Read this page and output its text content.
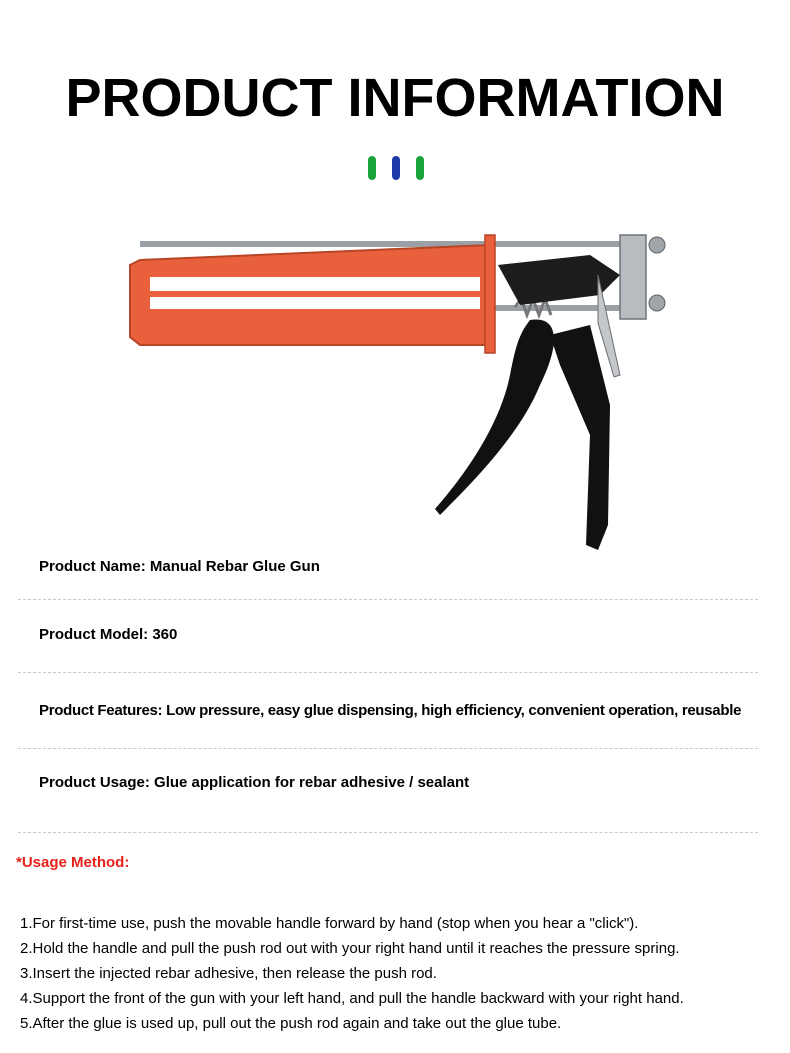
PRODUCT INFORMATION
Product Name: Manual Rebar Glue Gun
Product Model: 360
Product Features: Low pressure, easy glue dispensing, high efficiency, convenient operation, reusable
Product Usage: Glue application for rebar adhesive / sealant
*Usage Method:
1.For first-time use, push the movable handle forward by hand (stop when you hear a "click").
2.Hold the handle and pull the push rod out with your right hand until it reaches the pressure spring.
3.Insert the injected rebar adhesive, then release the push rod.
4.Support the front of the gun with your left hand, and pull the handle backward with your right hand.
5.After the glue is used up, pull out the push rod again and take out the glue tube.
